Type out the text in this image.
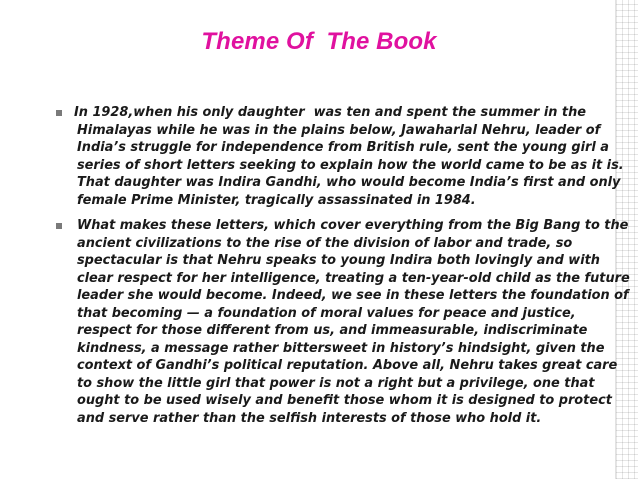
Theme Of  The Book
In 1928,when his only daughter  was ten and spent the summer in the
Himalayas while he was in the plains below, Jawaharlal Nehru, leader of
India’s struggle for independence from British rule, sent the young girl a
series of short letters seeking to explain how the world came to be as it is.
That daughter was Indira Gandhi, who would become India’s first and only
female Prime Minister, tragically assassinated in 1984.
What makes these letters, which cover everything from the Big Bang to the
ancient civilizations to the rise of the division of labor and trade, so
spectacular is that Nehru speaks to young Indira both lovingly and with
clear respect for her intelligence, treating a ten-year-old child as the future
leader she would become. Indeed, we see in these letters the foundation of
that becoming — a foundation of moral values for peace and justice,
respect for those different from us, and immeasurable, indiscriminate
kindness, a message rather bittersweet in history’s hindsight, given the
context of Gandhi’s political reputation. Above all, Nehru takes great care
to show the little girl that power is not a right but a privilege, one that
ought to be used wisely and benefit those whom it is designed to protect
and serve rather than the selfish interests of those who hold it.
